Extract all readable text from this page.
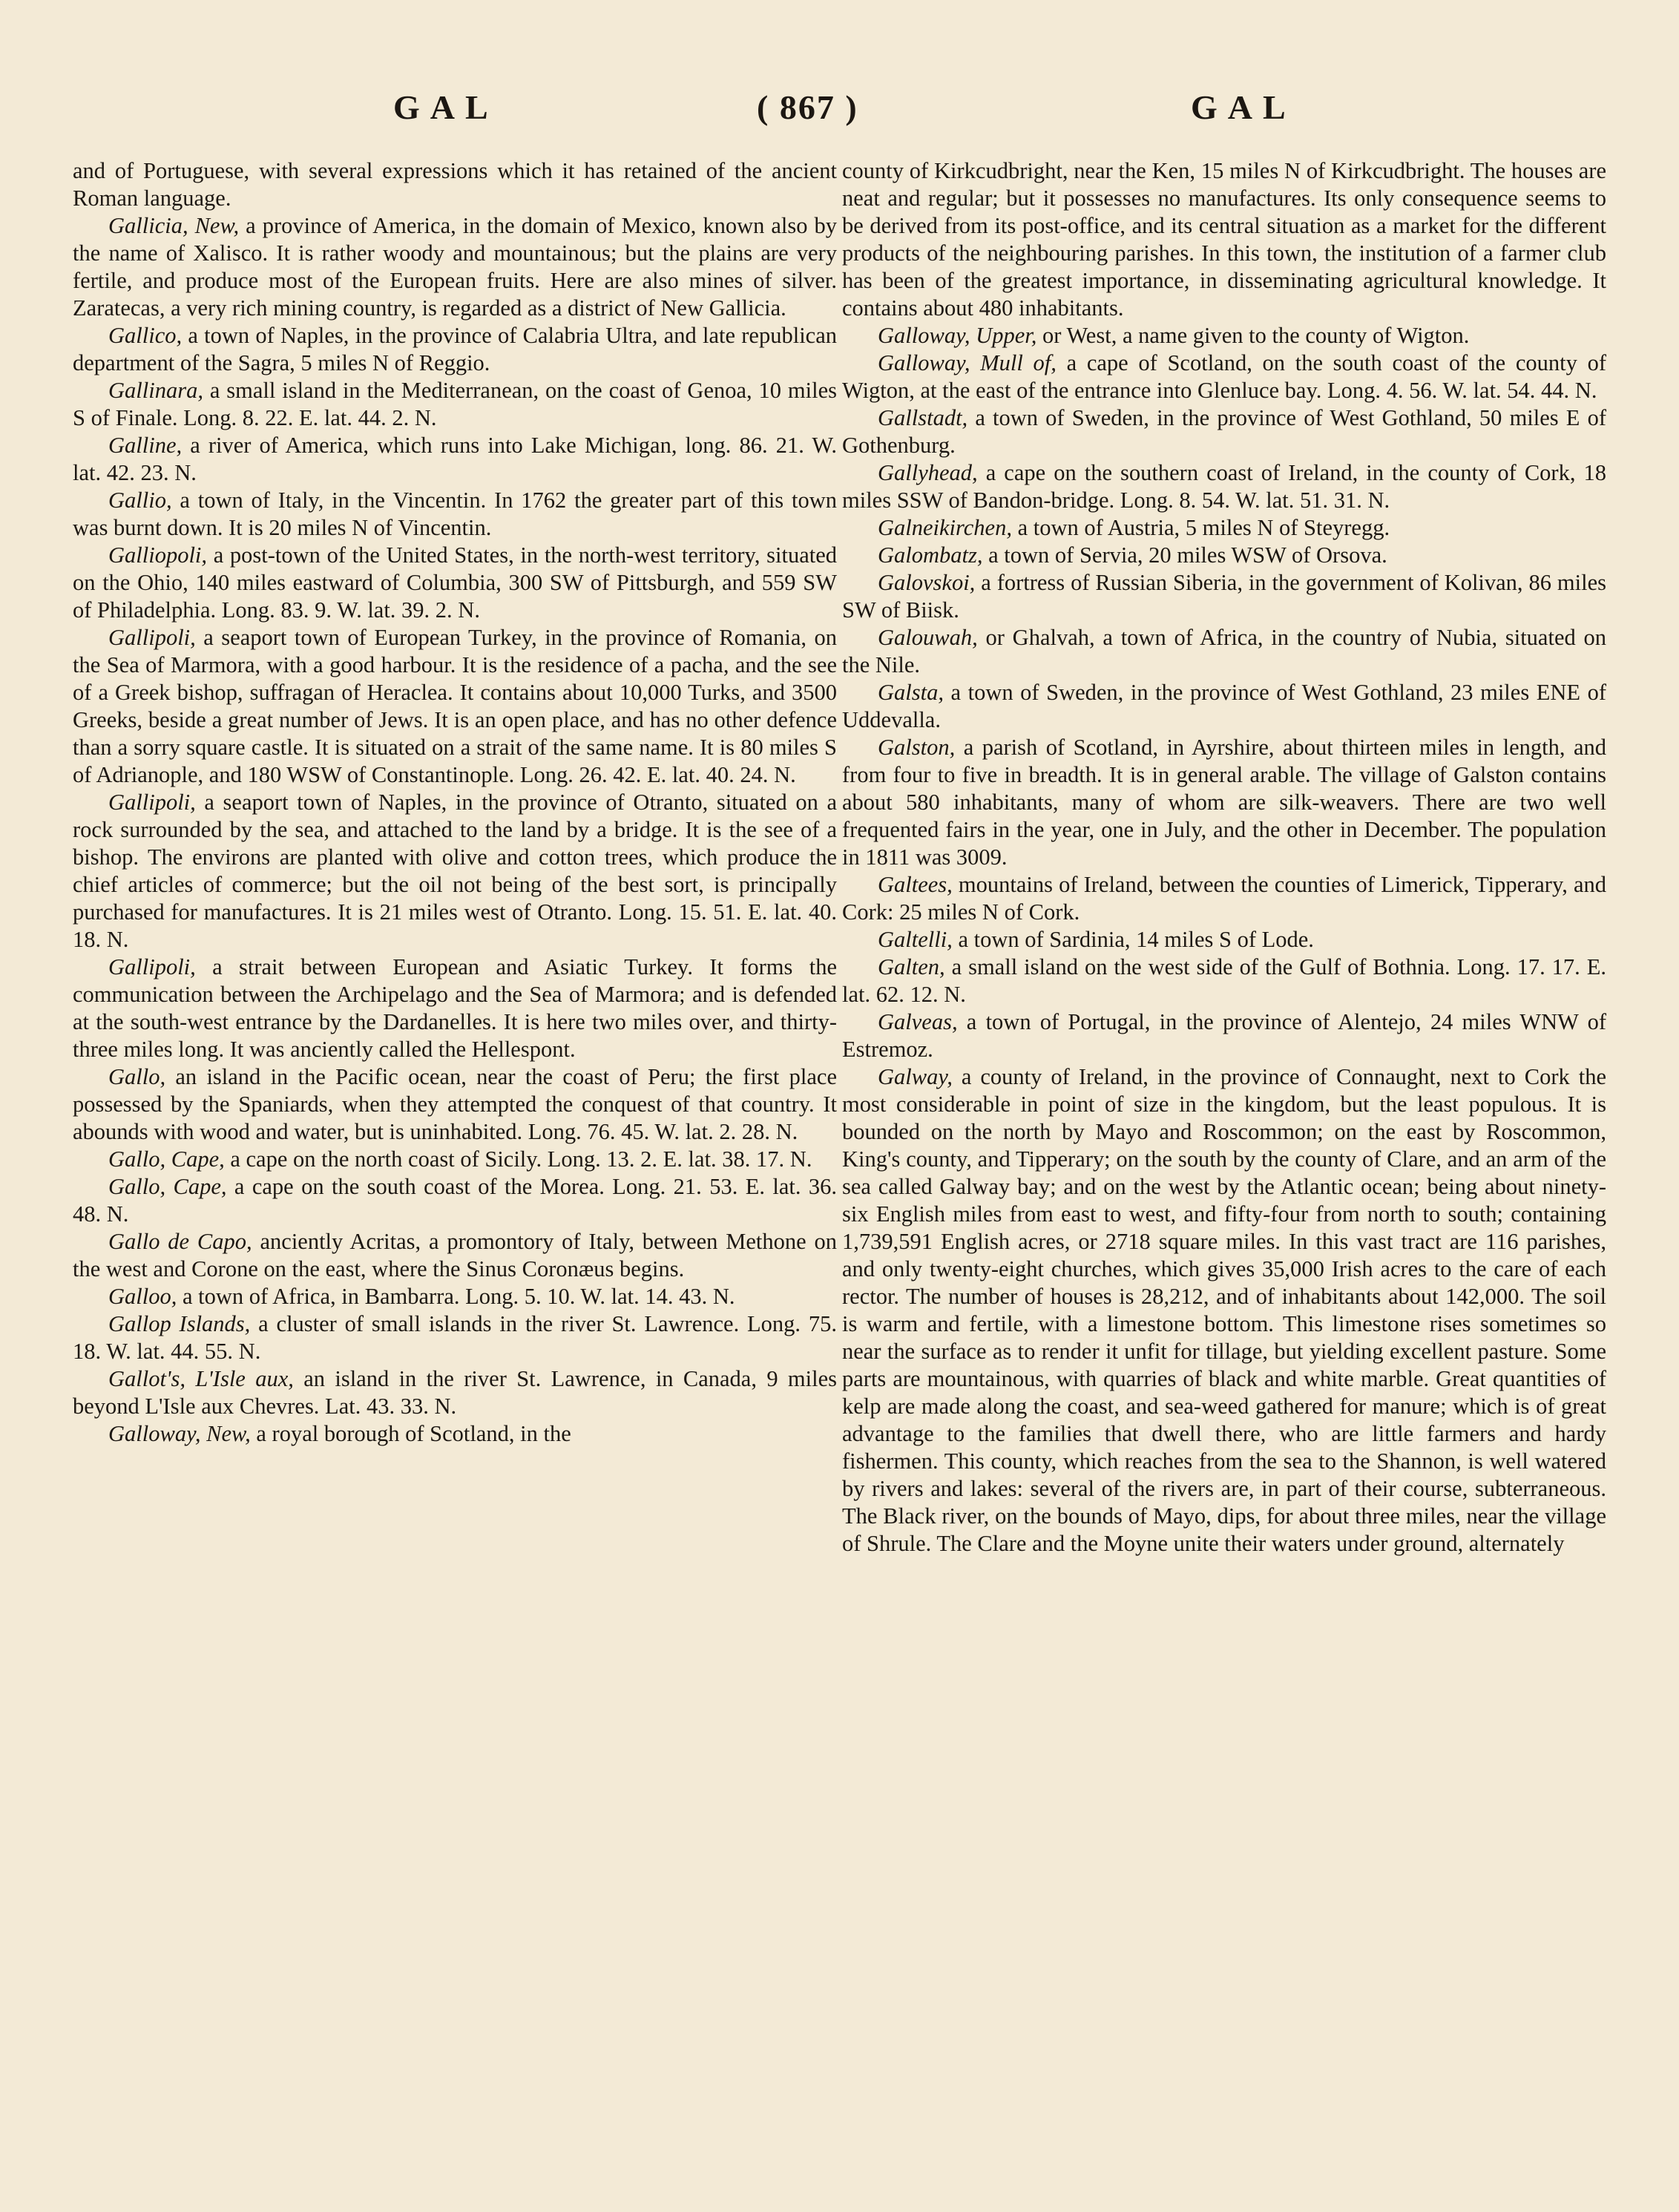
GAL	( 867 )	GAL

and of Portuguese, with several expressions which it has retained of the ancient Roman language.

Gallicia, New, a province of America, in the domain of Mexico, known also by the name of Xalisco. It is rather woody and mountainous; but the plains are very fertile, and produce most of the European fruits. Here are also mines of silver. Zaratecas, a very rich mining country, is regarded as a district of New Gallicia.

Gallico, a town of Naples, in the province of Calabria Ultra, and late republican department of the Sagra, 5 miles N of Reggio.

Gallinara, a small island in the Mediterranean, on the coast of Genoa, 10 miles S of Finale. Long. 8. 22. E. lat. 44. 2. N.

Galline, a river of America, which runs into Lake Michigan, long. 86. 21. W. lat. 42. 23. N.

Gallio, a town of Italy, in the Vincentin. In 1762 the greater part of this town was burnt down. It is 20 miles N of Vincentin.

Galliopoli, a post-town of the United States, in the north-west territory, situated on the Ohio, 140 miles eastward of Columbia, 300 SW of Pittsburgh, and 559 SW of Philadelphia. Long. 83. 9. W. lat. 39. 2. N.

Gallipoli, a seaport town of European Turkey, in the province of Romania, on the Sea of Marmora, with a good harbour. It is the residence of a pacha, and the see of a Greek bishop, suffragan of Heraclea. It contains about 10,000 Turks, and 3500 Greeks, beside a great number of Jews. It is an open place, and has no other defence than a sorry square castle. It is situated on a strait of the same name. It is 80 miles S of Adrianople, and 180 WSW of Constantinople. Long. 26. 42. E. lat. 40. 24. N.

Gallipoli, a seaport town of Naples, in the province of Otranto, situated on a rock surrounded by the sea, and attached to the land by a bridge. It is the see of a bishop. The environs are planted with olive and cotton trees, which produce the chief articles of commerce; but the oil not being of the best sort, is principally purchased for manufactures. It is 21 miles west of Otranto. Long. 15. 51. E. lat. 40. 18. N.

Gallipoli, a strait between European and Asiatic Turkey. It forms the communication between the Archipelago and the Sea of Marmora; and is defended at the south-west entrance by the Dardanelles. It is here two miles over, and thirty-three miles long. It was anciently called the Hellespont.

Gallo, an island in the Pacific ocean, near the coast of Peru; the first place possessed by the Spaniards, when they attempted the conquest of that country. It abounds with wood and water, but is uninhabited. Long. 76. 45. W. lat. 2. 28. N.

Gallo, Cape, a cape on the north coast of Sicily. Long. 13. 2. E. lat. 38. 17. N.

Gallo, Cape, a cape on the south coast of the Morea. Long. 21. 53. E. lat. 36. 48. N.

Gallo de Capo, anciently Acritas, a promontory of Italy, between Methone on the west and Corone on the east, where the Sinus Coronæus begins.

Galloo, a town of Africa, in Bambarra. Long. 5. 10. W. lat. 14. 43. N.

Gallop Islands, a cluster of small islands in the river St. Lawrence. Long. 75. 18. W. lat. 44. 55. N.

Gallot's, L'Isle aux, an island in the river St. Lawrence, in Canada, 9 miles beyond L'Isle aux Chevres. Lat. 43. 33. N.

Galloway, New, a royal borough of Scotland, in the

county of Kirkcudbright, near the Ken, 15 miles N of Kirkcudbright. The houses are neat and regular; but it possesses no manufactures. Its only consequence seems to be derived from its post-office, and its central situation as a market for the different products of the neighbouring parishes. In this town, the institution of a farmer club has been of the greatest importance, in disseminating agricultural knowledge. It contains about 480 inhabitants.

Galloway, Upper, or West, a name given to the county of Wigton.

Galloway, Mull of, a cape of Scotland, on the south coast of the county of Wigton, at the east of the entrance into Glenluce bay. Long. 4. 56. W. lat. 54. 44. N.

Gallstadt, a town of Sweden, in the province of West Gothland, 50 miles E of Gothenburg.

Gallyhead, a cape on the southern coast of Ireland, in the county of Cork, 18 miles SSW of Bandon-bridge. Long. 8. 54. W. lat. 51. 31. N.

Galneikirchen, a town of Austria, 5 miles N of Steyregg.

Galombatz, a town of Servia, 20 miles WSW of Orsova.

Galovskoi, a fortress of Russian Siberia, in the government of Kolivan, 86 miles SW of Biisk.

Galouwah, or Ghalvah, a town of Africa, in the country of Nubia, situated on the Nile.

Galsta, a town of Sweden, in the province of West Gothland, 23 miles ENE of Uddevalla.

Galston, a parish of Scotland, in Ayrshire, about thirteen miles in length, and from four to five in breadth. It is in general arable. The village of Galston contains about 580 inhabitants, many of whom are silk-weavers. There are two well frequented fairs in the year, one in July, and the other in December. The population in 1811 was 3009.

Galtees, mountains of Ireland, between the counties of Limerick, Tipperary, and Cork: 25 miles N of Cork.

Galtelli, a town of Sardinia, 14 miles S of Lode.

Galten, a small island on the west side of the Gulf of Bothnia. Long. 17. 17. E. lat. 62. 12. N.

Galveas, a town of Portugal, in the province of Alentejo, 24 miles WNW of Estremoz.

Galway, a county of Ireland, in the province of Connaught, next to Cork the most considerable in point of size in the kingdom, but the least populous. It is bounded on the north by Mayo and Roscommon; on the east by Roscommon, King's county, and Tipperary; on the south by the county of Clare, and an arm of the sea called Galway bay; and on the west by the Atlantic ocean; being about ninety-six English miles from east to west, and fifty-four from north to south; containing 1,739,591 English acres, or 2718 square miles. In this vast tract are 116 parishes, and only twenty-eight churches, which gives 35,000 Irish acres to the care of each rector. The number of houses is 28,212, and of inhabitants about 142,000. The soil is warm and fertile, with a limestone bottom. This limestone rises sometimes so near the surface as to render it unfit for tillage, but yielding excellent pasture. Some parts are mountainous, with quarries of black and white marble. Great quantities of kelp are made along the coast, and sea-weed gathered for manure; which is of great advantage to the families that dwell there, who are little farmers and hardy fishermen. This county, which reaches from the sea to the Shannon, is well watered by rivers and lakes: several of the rivers are, in part of their course, subterraneous. The Black river, on the bounds of Mayo, dips, for about three miles, near the village of Shrule. The Clare and the Moyne unite their waters under ground, alternately
